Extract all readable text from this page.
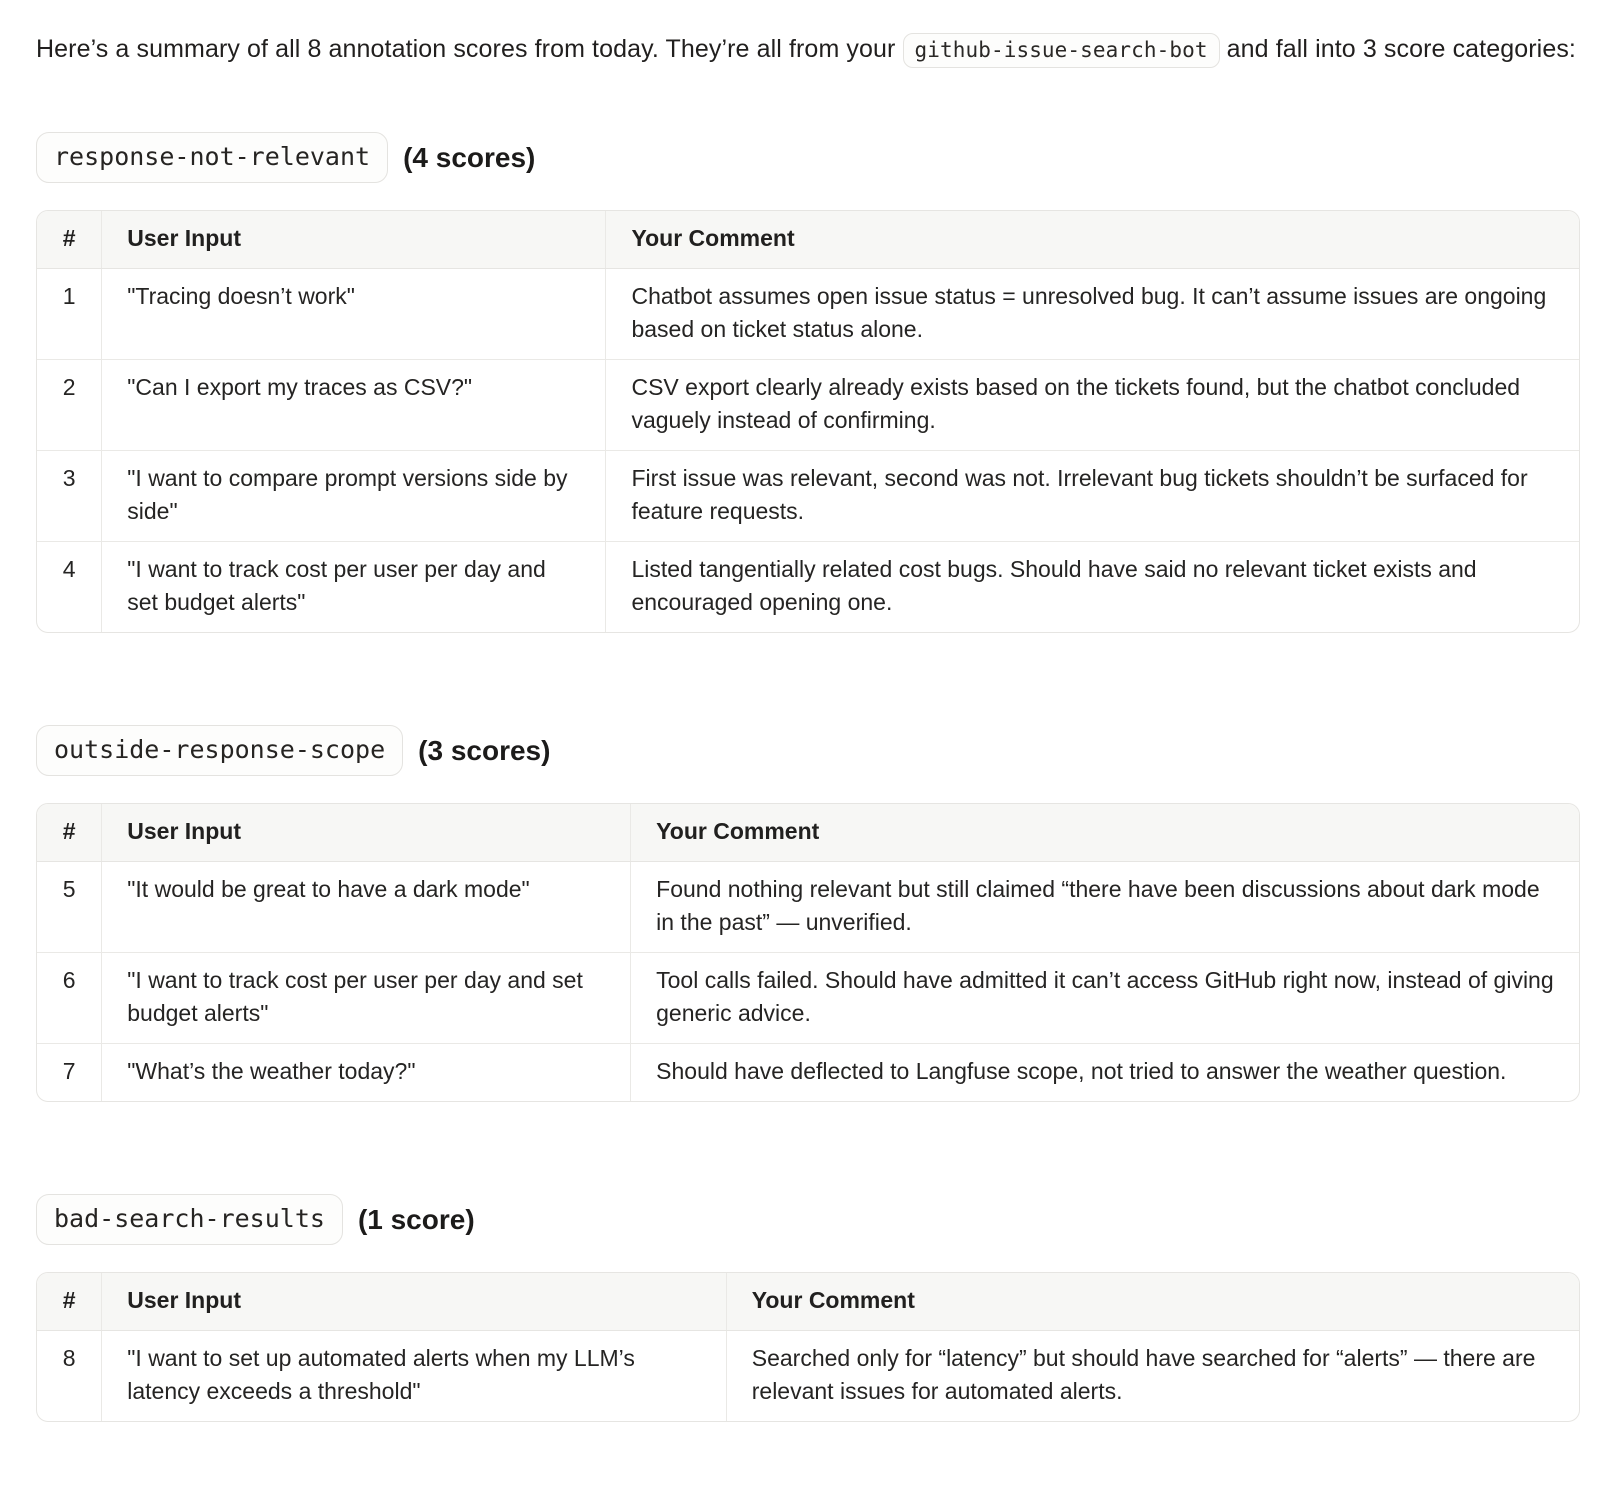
Here’s a summary of all 8 annotation scores from today. They’re all from your github-issue-search-bot and fall into 3 score categories:

response-not-relevant	(4 scores)
#	User Input	Your Comment
1	"Tracing doesn’t work"	Chatbot assumes open issue status = unresolved bug. It can’t assume issues are ongoing based on ticket status alone.
2	"Can I export my traces as CSV?"	CSV export clearly already exists based on the tickets found, but the chatbot concluded vaguely instead of confirming.
3	"I want to compare prompt versions side by side"	First issue was relevant, second was not. Irrelevant bug tickets shouldn’t be surfaced for feature requests.
4	"I want to track cost per user per day and set budget alerts"	Listed tangentially related cost bugs. Should have said no relevant ticket exists and encouraged opening one.
outside-response-scope	(3 scores)
#	User Input	Your Comment
5	"It would be great to have a dark mode"	Found nothing relevant but still claimed “there have been discussions about dark mode in the past” — unverified.
6	"I want to track cost per user per day and set budget alerts"	Tool calls failed. Should have admitted it can’t access GitHub right now, instead of giving generic advice.
7	"What’s the weather today?"	Should have deflected to Langfuse scope, not tried to answer the weather question.
bad-search-results	(1 score)
#	User Input	Your Comment
8	"I want to set up automated alerts when my LLM’s latency exceeds a threshold"	Searched only for “latency” but should have searched for “alerts” — there are relevant issues for automated alerts.
